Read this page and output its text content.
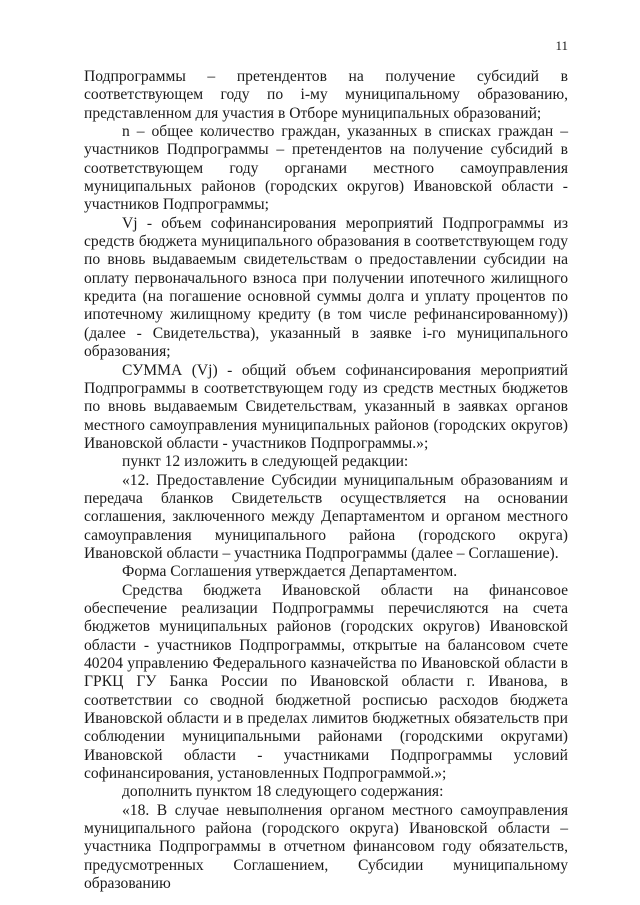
11

Подпрограммы – претендентов на получение субсидий в соответствующем году по i-му муниципальному образованию, представленном для участия в Отборе муниципальных образований;

n – общее количество граждан, указанных в списках граждан – участников Подпрограммы – претендентов на получение субсидий в соответствующем году органами местного самоуправления муниципальных районов (городских округов) Ивановской области - участников Подпрограммы;

Vj - объем софинансирования мероприятий Подпрограммы из средств бюджета муниципального образования в соответствующем году по вновь выдаваемым свидетельствам о предоставлении субсидии на оплату первоначального взноса при получении ипотечного жилищного кредита (на погашение основной суммы долга и уплату процентов по ипотечному жилищному кредиту (в том числе рефинансированному)) (далее - Свидетельства), указанный в заявке i-го муниципального образования;

СУММА (Vj) - общий объем софинансирования мероприятий Подпрограммы в соответствующем году из средств местных бюджетов по вновь выдаваемым Свидетельствам, указанный в заявках органов местного самоуправления муниципальных районов (городских округов) Ивановской области - участников Подпрограммы.»;

пункт 12 изложить в следующей редакции:

«12. Предоставление Субсидии муниципальным образованиям и передача бланков Свидетельств осуществляется на основании соглашения, заключенного между Департаментом и органом местного самоуправления муниципального района (городского округа) Ивановской области – участника Подпрограммы (далее – Соглашение).

Форма Соглашения утверждается Департаментом.

Средства бюджета Ивановской области на финансовое обеспечение реализации Подпрограммы перечисляются на счета бюджетов муниципальных районов (городских округов) Ивановской области - участников Подпрограммы, открытые на балансовом счете 40204 управлению Федерального казначейства по Ивановской области в ГРКЦ ГУ Банка России по Ивановской области г. Иванова, в соответствии со сводной бюджетной росписью расходов бюджета Ивановской области и в пределах лимитов бюджетных обязательств при соблюдении муниципальными районами (городскими округами) Ивановской области - участниками Подпрограммы условий софинансирования, установленных Подпрограммой.»;

дополнить пунктом 18 следующего содержания:

«18. В случае невыполнения органом местного самоуправления муниципального района (городского округа) Ивановской области – участника Подпрограммы в отчетном финансовом году обязательств, предусмотренных Соглашением, Субсидии муниципальному образованию
